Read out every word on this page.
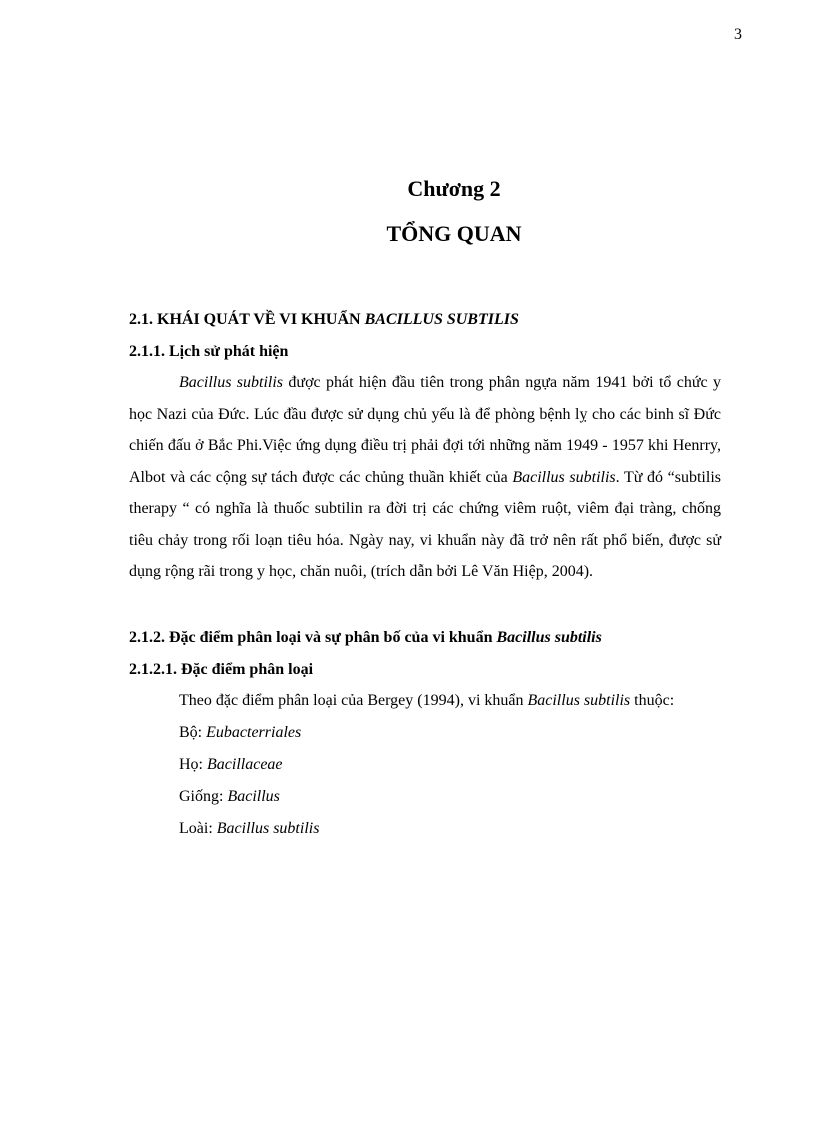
3
Chương 2
TỔNG QUAN
2.1. KHÁI QUÁT VỀ VI KHUẨN BACILLUS SUBTILIS
2.1.1. Lịch sử phát hiện

Bacillus subtilis được phát hiện đầu tiên trong phân ngựa năm 1941 bởi tổ chức y học Nazi của Đức. Lúc đầu được sử dụng chủ yếu là để phòng bệnh lỵ cho các binh sĩ Đức chiến đấu ở Bắc Phi.Việc ứng dụng điều trị phải đợi tới những năm 1949 - 1957 khi Henrry, Albot và các cộng sự tách được các chủng thuần khiết của Bacillus subtilis. Từ đó “subtilis therapy “ có nghĩa là thuốc subtilin ra đời trị các chứng viêm ruột, viêm đại tràng, chống tiêu chảy trong rối loạn tiêu hóa. Ngày nay, vi khuẩn này đã trở nên rất phổ biến, được sử dụng rộng rãi trong y học, chăn nuôi, (trích dẫn bởi Lê Văn Hiệp, 2004).

2.1.2. Đặc điểm phân loại và sự phân bố của vi khuẩn Bacillus subtilis
2.1.2.1. Đặc điểm phân loại
Theo đặc điểm phân loại của Bergey (1994), vi khuẩn Bacillus subtilis thuộc:
Bộ: Eubacterriales
Họ: Bacillaceae
Giống: Bacillus
Loài: Bacillus subtilis
